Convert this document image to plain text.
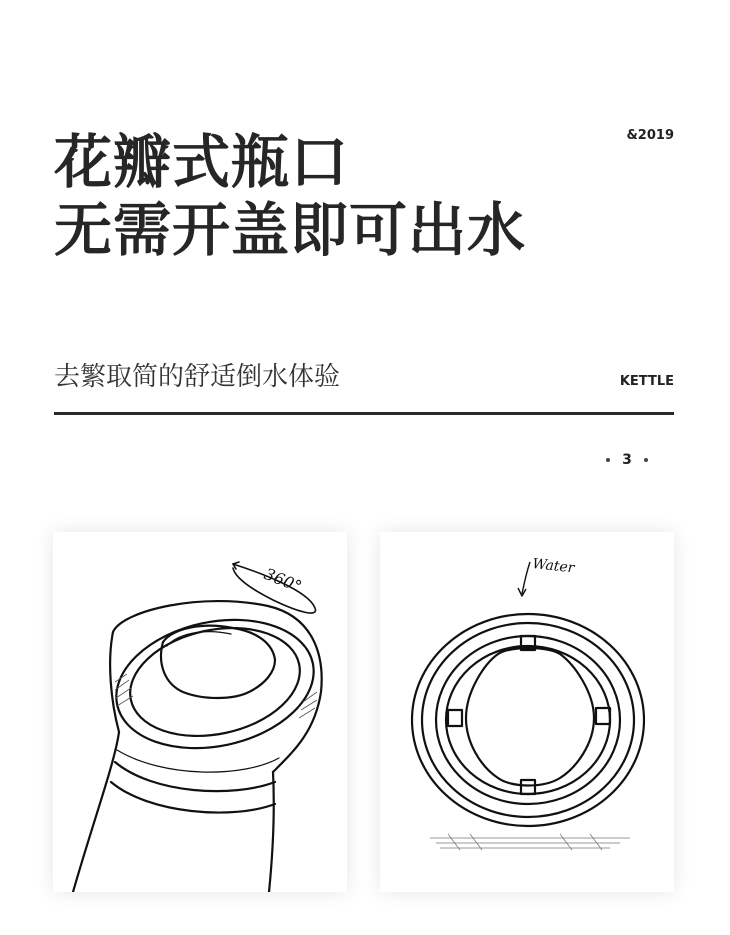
花瓣式瓶口
无需开盖即可出水
&2019
去繁取简的舒适倒水体验	KETTLE
3
360°	Water
